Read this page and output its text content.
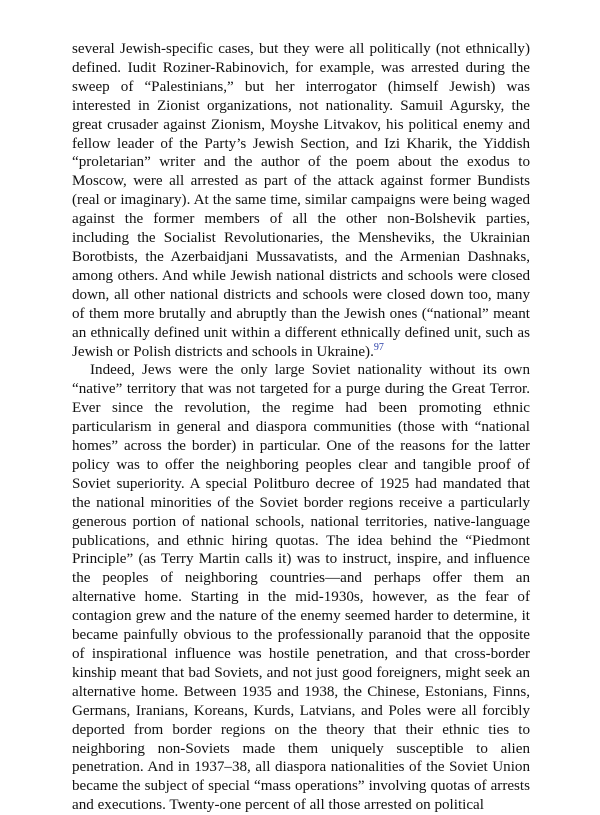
several Jewish-specific cases, but they were all politically (not ethnically) defined. Iudit Roziner-Rabinovich, for example, was arrested during the sweep of “Palestinians,” but her interrogator (himself Jewish) was interested in Zionist organizations, not nationality. Samuil Agursky, the great crusader against Zionism, Moyshe Litvakov, his political enemy and fellow leader of the Party’s Jewish Section, and Izi Kharik, the Yiddish “proletarian” writer and the author of the poem about the exodus to Moscow, were all arrested as part of the attack against former Bundists (real or imaginary). At the same time, similar campaigns were being waged against the former members of all the other non-Bolshevik parties, including the Socialist Revolutionaries, the Mensheviks, the Ukrainian Borotbists, the Azerbaidjani Mussavatists, and the Armenian Dashnaks, among others. And while Jewish national districts and schools were closed down, all other national districts and schools were closed down too, many of them more brutally and abruptly than the Jewish ones (“national” meant an ethnically defined unit within a different ethnically defined unit, such as Jewish or Polish districts and schools in Ukraine).$^{97}$

Indeed, Jews were the only large Soviet nationality without its own “native” territory that was not targeted for a purge during the Great Terror. Ever since the revolution, the regime had been promoting ethnic particularism in general and diaspora communities (those with “national homes” across the border) in particular. One of the reasons for the latter policy was to offer the neighboring peoples clear and tangible proof of Soviet superiority. A special Politburo decree of 1925 had mandated that the national minorities of the Soviet border regions receive a particularly generous portion of national schools, national territories, native-language publications, and ethnic hiring quotas. The idea behind the “Piedmont Principle” (as Terry Martin calls it) was to instruct, inspire, and influence the peoples of neighboring countries—and perhaps offer them an alternative home. Starting in the mid-1930s, however, as the fear of contagion grew and the nature of the enemy seemed harder to determine, it became painfully obvious to the professionally paranoid that the opposite of inspirational influence was hostile penetration, and that cross-border kinship meant that bad Soviets, and not just good foreigners, might seek an alternative home. Between 1935 and 1938, the Chinese, Estonians, Finns, Germans, Iranians, Koreans, Kurds, Latvians, and Poles were all forcibly deported from border regions on the theory that their ethnic ties to neighboring non-Soviets made them uniquely susceptible to alien penetration. And in 1937–38, all diaspora nationalities of the Soviet Union became the subject of special “mass operations” involving quotas of arrests and executions. Twenty-one percent of all those arrested on political
